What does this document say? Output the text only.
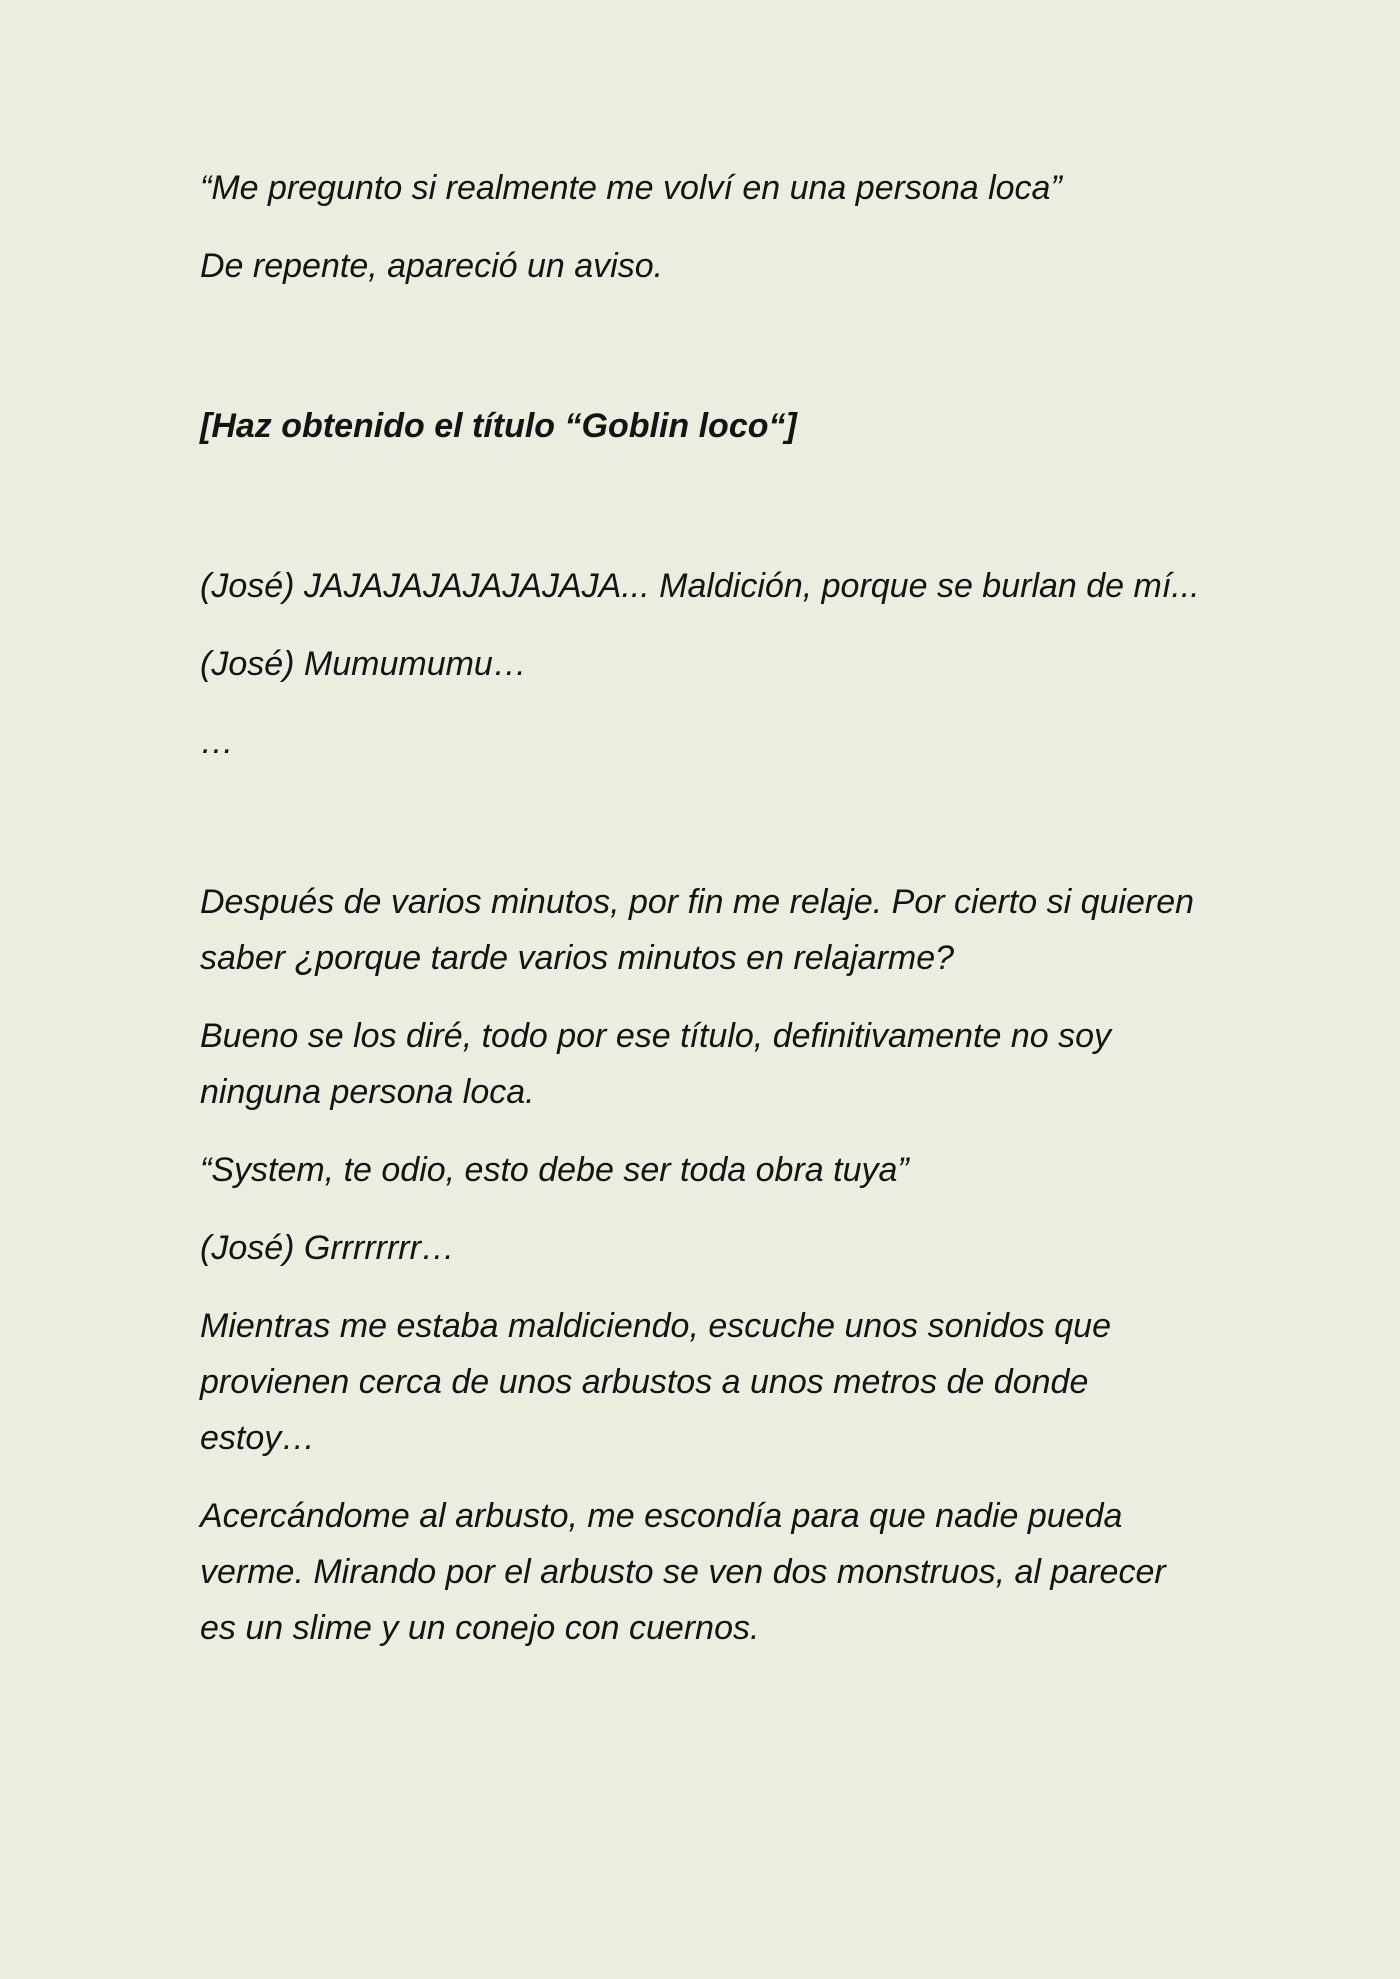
“Me pregunto si realmente me volví en una persona loca”

De repente, apareció un aviso.

[Haz obtenido el título “Goblin loco“]

(José) JAJAJAJAJAJAJAJA... Maldición, porque se burlan de mí...

(José) Mumumumu…

…

Después de varios minutos, por fin me relaje. Por cierto si quieren saber ¿porque tarde varios minutos en relajarme?

Bueno se los diré, todo por ese título, definitivamente no soy ninguna persona loca.

“System, te odio, esto debe ser toda obra tuya”

(José) Grrrrrrrr…

Mientras me estaba maldiciendo, escuche unos sonidos que provienen cerca de unos arbustos a unos metros de donde estoy…

Acercándome al arbusto, me escondía para que nadie pueda verme. Mirando por el arbusto se ven dos monstruos, al parecer es un slime y un conejo con cuernos.
